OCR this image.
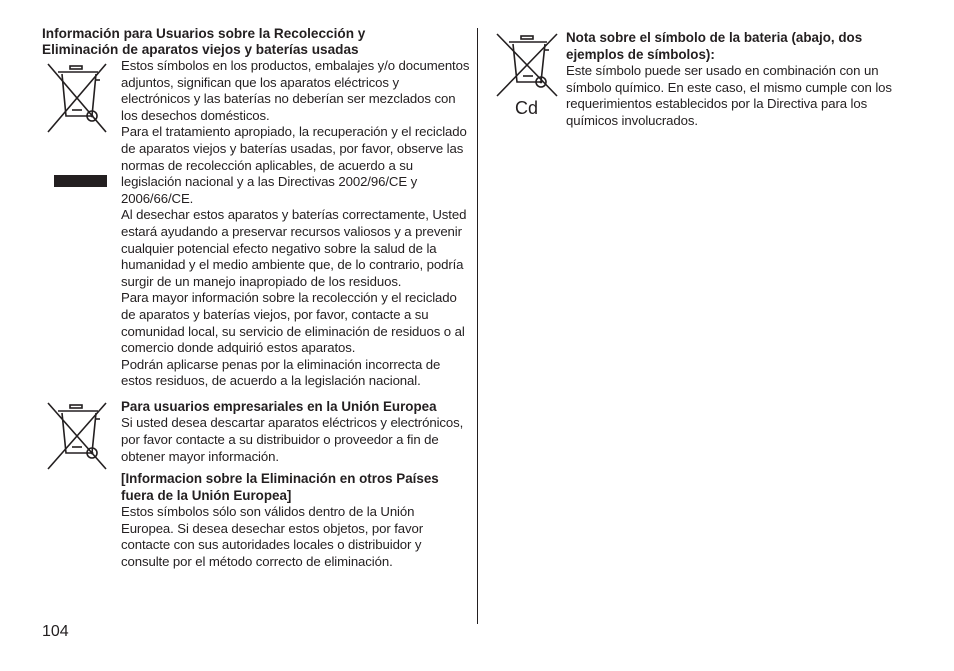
Información para Usuarios sobre la Recolección y
Eliminación de aparatos viejos y baterías usadas

Estos símbolos en los productos, embalajes y/o documentos adjuntos, significan que los aparatos eléctricos y electrónicos y las baterías no deberían ser mezclados con los desechos domésticos.

Para el tratamiento apropiado, la recuperación y el reciclado de aparatos viejos y baterías usadas, por favor, observe las normas de recolección aplicables, de acuerdo a su legislación nacional y a las Directivas 2002/96/CE y 2006/66/CE.

Al desechar estos aparatos y baterías correctamente, Usted estará ayudando a preservar recursos valiosos y a prevenir cualquier potencial efecto negativo sobre la salud de la humanidad y el medio ambiente que, de lo contrario, podría surgir de un manejo inapropiado de los residuos.

Para mayor información sobre la recolección y el reciclado de aparatos y baterías viejos, por favor, contacte a su comunidad local, su servicio de eliminación de residuos o al comercio donde adquirió estos aparatos.

Podrán aplicarse penas por la eliminación incorrecta de estos residuos, de acuerdo a la legislación nacional.

Para usuarios empresariales en la Unión Europea
Si usted desea descartar aparatos eléctricos y electrónicos, por favor contacte a su distribuidor o proveedor a fin de obtener mayor información.
[Informacion sobre la Eliminación en otros Países fuera de la Unión Europea]
Estos símbolos sólo son válidos dentro de la Unión Europea. Si desea desechar estos objetos, por favor contacte con sus autoridades locales o distribuidor y consulte por el método correcto de eliminación.
Cd
Nota sobre el símbolo de la bateria (abajo, dos ejemplos de símbolos):
Este símbolo puede ser usado en combinación con un símbolo químico. En este caso, el mismo cumple con los requerimientos establecidos por la Directiva para los químicos involucrados.
104
